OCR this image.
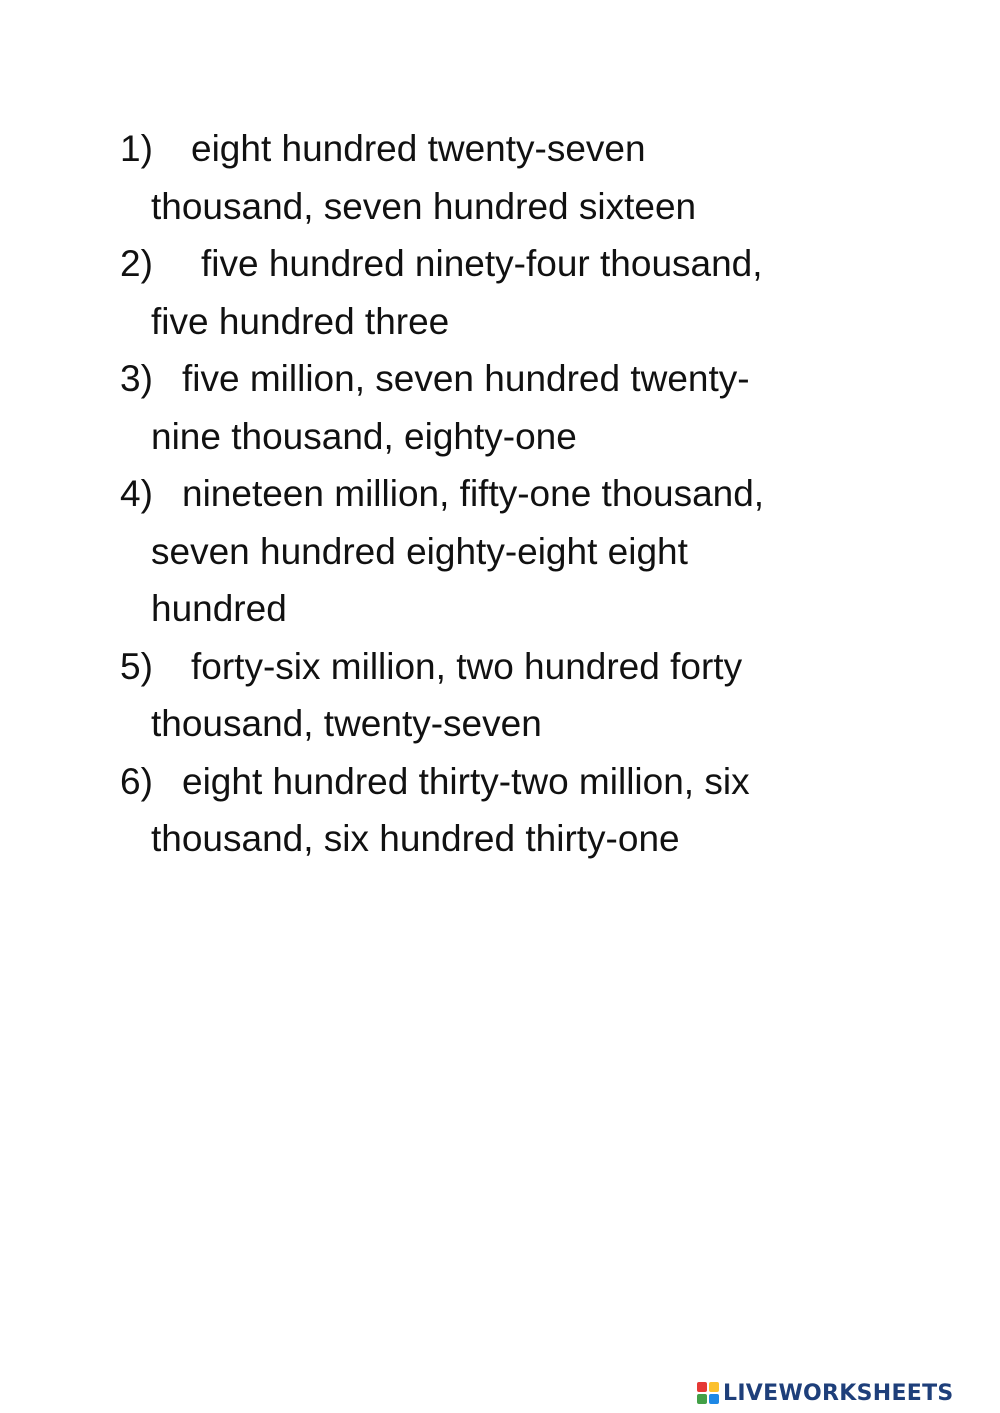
1)	eight hundred twenty-seven
thousand, seven hundred sixteen
2)	five hundred ninety-four thousand,
five hundred three
3) five million, seven hundred twenty-
nine thousand, eighty-one
4) nineteen million, fifty-one thousand,
seven hundred eighty-eight eight
hundred
5)	forty-six million, two hundred forty
thousand, twenty-seven
6) eight hundred thirty-two million, six
thousand, six hundred thirty-one
LIVEWORKSHEETS
